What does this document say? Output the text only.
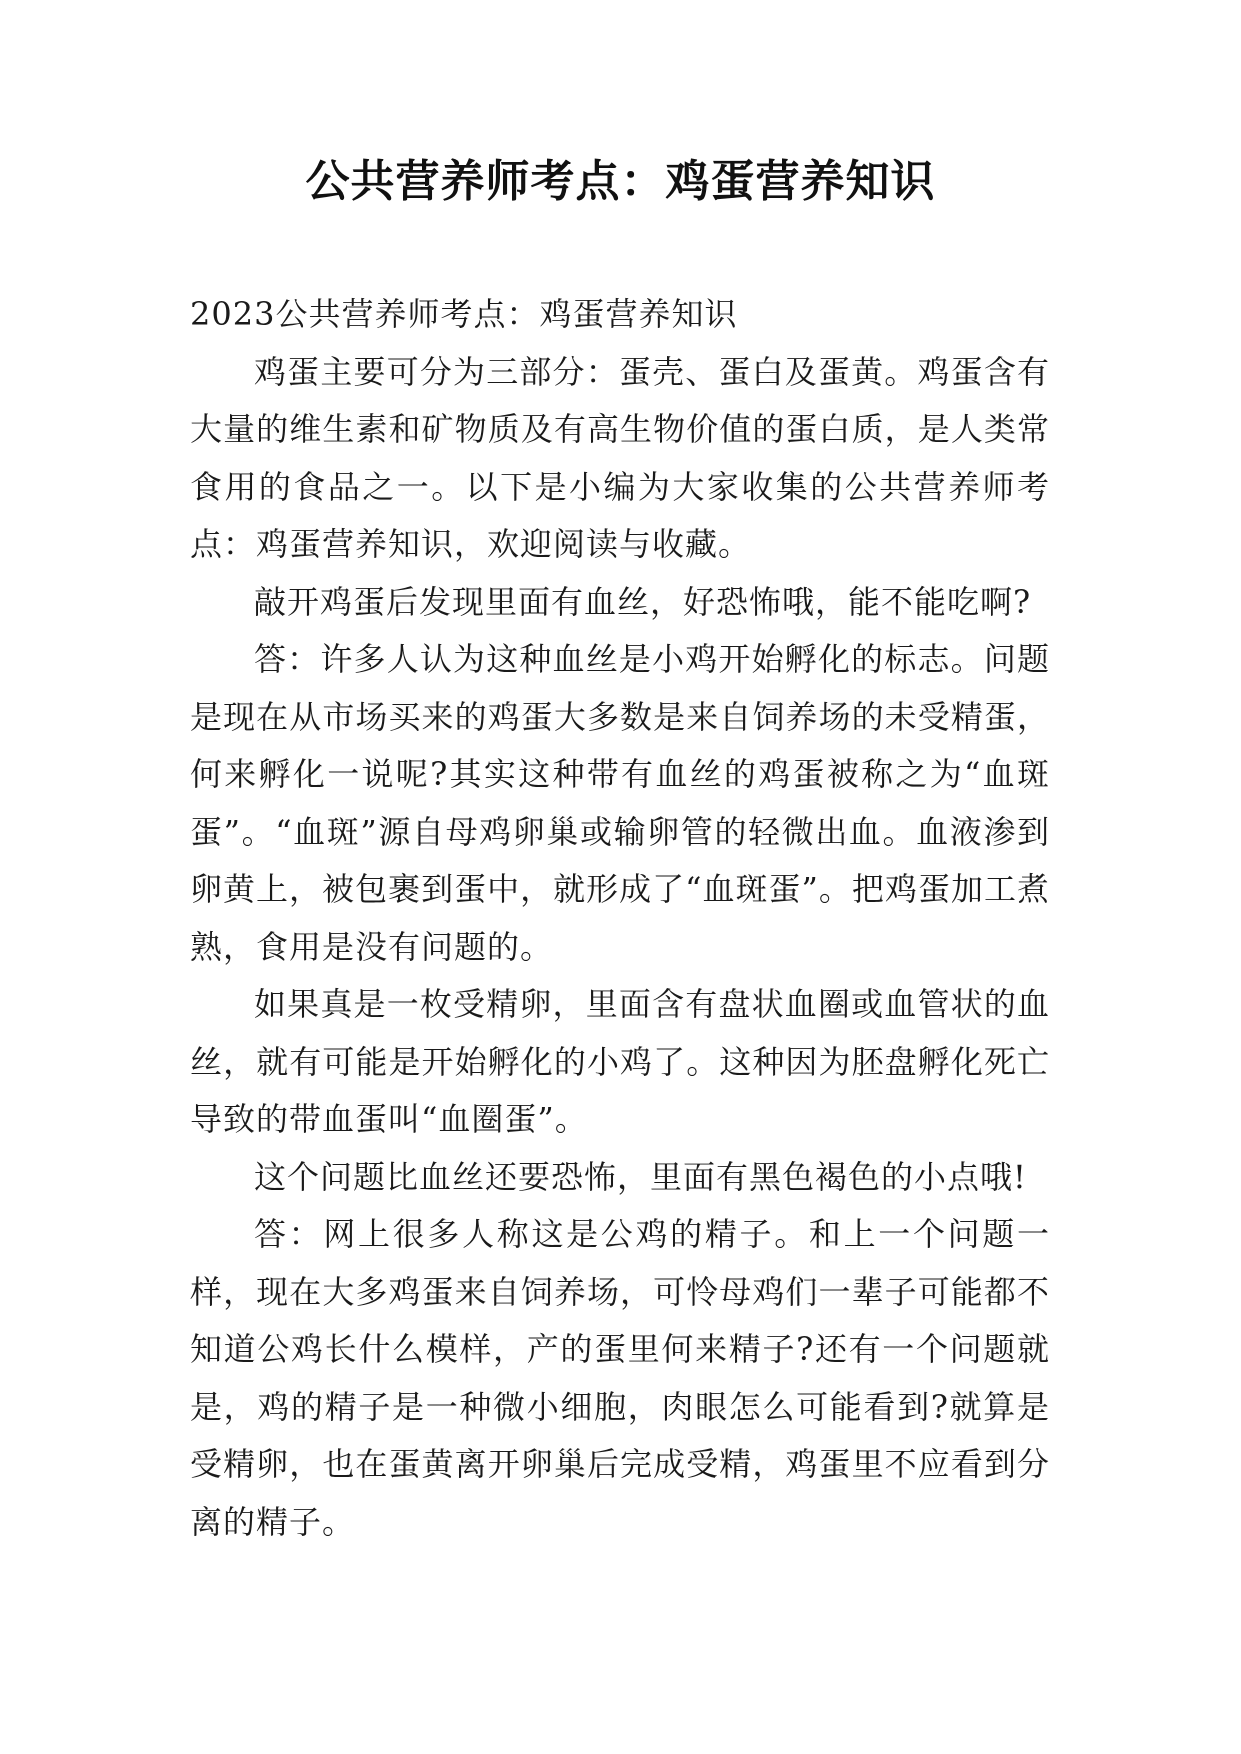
公共营养师考点：鸡蛋营养知识

2023公共营养师考点：鸡蛋营养知识

鸡蛋主要可分为三部分：蛋壳、蛋白及蛋黄。鸡蛋含有大量的维生素和矿物质及有高生物价值的蛋白质，是人类常食用的食品之一。以下是小编为大家收集的公共营养师考点：鸡蛋营养知识，欢迎阅读与收藏。

敲开鸡蛋后发现里面有血丝，好恐怖哦，能不能吃啊?

答：许多人认为这种血丝是小鸡开始孵化的标志。问题是现在从市场买来的鸡蛋大多数是来自饲养场的未受精蛋，何来孵化一说呢?其实这种带有血丝的鸡蛋被称之为“血斑蛋”。“血斑”源自母鸡卵巢或输卵管的轻微出血。血液渗到卵黄上，被包裹到蛋中，就形成了“血斑蛋”。把鸡蛋加工煮熟，食用是没有问题的。

如果真是一枚受精卵，里面含有盘状血圈或血管状的血丝，就有可能是开始孵化的小鸡了。这种因为胚盘孵化死亡导致的带血蛋叫“血圈蛋”。

这个问题比血丝还要恐怖，里面有黑色褐色的小点哦!

答：网上很多人称这是公鸡的精子。和上一个问题一样，现在大多鸡蛋来自饲养场，可怜母鸡们一辈子可能都不知道公鸡长什么模样，产的蛋里何来精子?还有一个问题就是，鸡的精子是一种微小细胞，肉眼怎么可能看到?就算是受精卵，也在蛋黄离开卵巢后完成受精，鸡蛋里不应看到分离的精子。
